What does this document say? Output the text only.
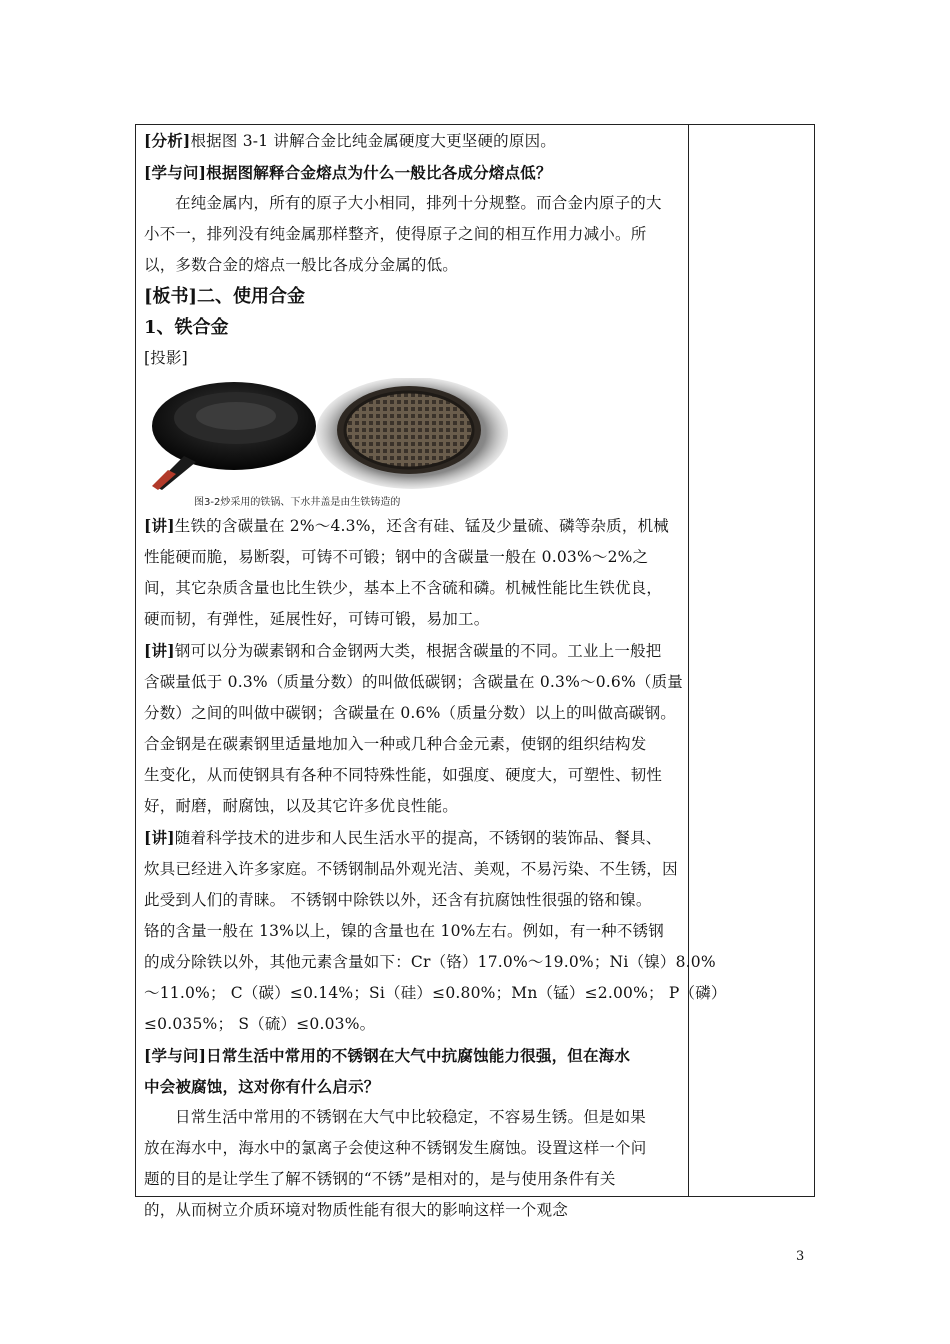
[分析]根据图 3-1 讲解合金比纯金属硬度大更坚硬的原因。
[学与问]根据图解释合金熔点为什么一般比各成分熔点低？
在纯金属内，所有的原子大小相同，排列十分规整。而合金内原子的大
小不一，排列没有纯金属那样整齐，使得原子之间的相互作用力减小。所
以，多数合金的熔点一般比各成分金属的低。
[板书]二、使用合金
1、铁合金
[投影]
图3-2炒采用的铁锅、下水井盖是由生铁铸造的
[讲]生铁的含碳量在 2%～4.3%，还含有硅、锰及少量硫、磷等杂质，机械
性能硬而脆，易断裂，可铸不可锻；钢中的含碳量一般在 0.03%～2%之
间，其它杂质含量也比生铁少，基本上不含硫和磷。机械性能比生铁优良，
硬而韧，有弹性，延展性好，可铸可锻，易加工。
[讲]钢可以分为碳素钢和合金钢两大类，根据含碳量的不同。工业上一般把
含碳量低于 0.3%（质量分数）的叫做低碳钢；含碳量在 0.3%～0.6%（质量
分数）之间的叫做中碳钢；含碳量在 0.6%（质量分数）以上的叫做高碳钢。
合金钢是在碳素钢里适量地加入一种或几种合金元素，使钢的组织结构发
生变化，从而使钢具有各种不同特殊性能，如强度、硬度大，可塑性、韧性
好，耐磨，耐腐蚀，以及其它许多优良性能。
[讲]随着科学技术的进步和人民生活水平的提高，不锈钢的装饰品、餐具、
炊具已经进入许多家庭。不锈钢制品外观光洁、美观，不易污染、不生锈，因
此受到人们的青睐。 不锈钢中除铁以外，还含有抗腐蚀性很强的铬和镍。
铬的含量一般在 13%以上，镍的含量也在 10%左右。例如，有一种不锈钢
的成分除铁以外，其他元素含量如下：Cr（铬）17.0%～19.0%；Ni（镍）8.0%
～11.0%； C（碳）≤0.14%；Si（硅）≤0.80%；Mn（锰）≤2.00%； P（磷）
≤0.035%； S（硫）≤0.03%。
[学与问]日常生活中常用的不锈钢在大气中抗腐蚀能力很强，但在海水
中会被腐蚀，这对你有什么启示？
日常生活中常用的不锈钢在大气中比较稳定，不容易生锈。但是如果
放在海水中，海水中的氯离子会使这种不锈钢发生腐蚀。设置这样一个问
题的目的是让学生了解不锈钢的“不锈”是相对的，是与使用条件有关
的，从而树立介质环境对物质性能有很大的影响这样一个观念
3
